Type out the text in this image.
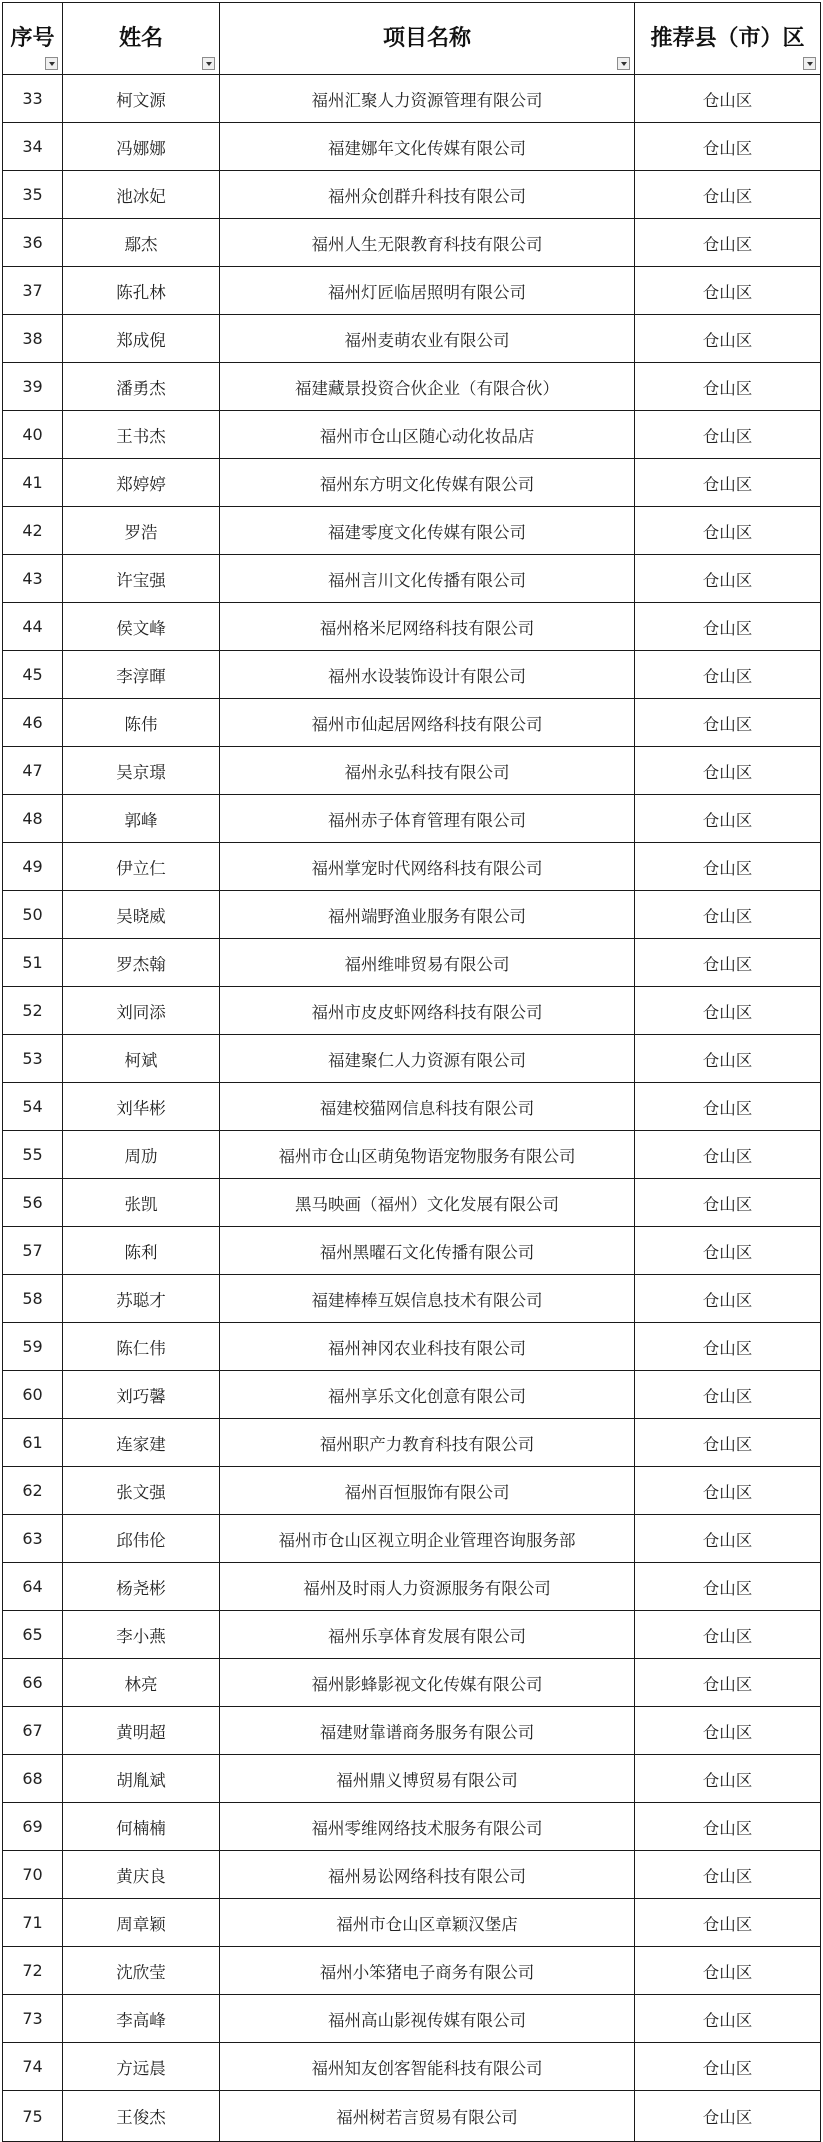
序号	姓名	项目名称	推荐县（市）区

33	柯文源	福州汇聚人力资源管理有限公司	仓山区
34	冯娜娜	福建娜年文化传媒有限公司	仓山区
35	池冰妃	福州众创群升科技有限公司	仓山区
36	鄢杰	福州人生无限教育科技有限公司	仓山区
37	陈孔林	福州灯匠临居照明有限公司	仓山区
38	郑成倪	福州麦萌农业有限公司	仓山区
39	潘勇杰	福建藏景投资合伙企业（有限合伙）	仓山区
40	王书杰	福州市仓山区随心动化妆品店	仓山区
41	郑婷婷	福州东方明文化传媒有限公司	仓山区
42	罗浩	福建零度文化传媒有限公司	仓山区
43	许宝强	福州言川文化传播有限公司	仓山区
44	侯文峰	福州格米尼网络科技有限公司	仓山区
45	李淳暉	福州水设装饰设计有限公司	仓山区
46	陈伟	福州市仙起居网络科技有限公司	仓山区
47	吴京璟	福州永弘科技有限公司	仓山区
48	郭峰	福州赤子体育管理有限公司	仓山区
49	伊立仁	福州掌宠时代网络科技有限公司	仓山区
50	吴晓威	福州端野渔业服务有限公司	仓山区
51	罗杰翰	福州维啡贸易有限公司	仓山区
52	刘同添	福州市皮皮虾网络科技有限公司	仓山区
53	柯斌	福建聚仁人力资源有限公司	仓山区
54	刘华彬	福建校猫网信息科技有限公司	仓山区
55	周劢	福州市仓山区萌兔物语宠物服务有限公司	仓山区
56	张凯	黑马映画（福州）文化发展有限公司	仓山区
57	陈利	福州黑曜石文化传播有限公司	仓山区
58	苏聪才	福建棒棒互娱信息技术有限公司	仓山区
59	陈仁伟	福州神冈农业科技有限公司	仓山区
60	刘巧馨	福州享乐文化创意有限公司	仓山区
61	连家建	福州职产力教育科技有限公司	仓山区
62	张文强	福州百恒服饰有限公司	仓山区
63	邱伟伦	福州市仓山区视立明企业管理咨询服务部	仓山区
64	杨尧彬	福州及时雨人力资源服务有限公司	仓山区
65	李小燕	福州乐享体育发展有限公司	仓山区
66	林亮	福州影蜂影视文化传媒有限公司	仓山区
67	黄明超	福建财靠谱商务服务有限公司	仓山区
68	胡胤斌	福州鼎义博贸易有限公司	仓山区
69	何楠楠	福州零维网络技术服务有限公司	仓山区
70	黄庆良	福州易讼网络科技有限公司	仓山区
71	周章颖	福州市仓山区章颖汉堡店	仓山区
72	沈欣莹	福州小笨猪电子商务有限公司	仓山区
73	李高峰	福州高山影视传媒有限公司	仓山区
74	方远晨	福州知友创客智能科技有限公司	仓山区
75	王俊杰	福州树若言贸易有限公司	仓山区
